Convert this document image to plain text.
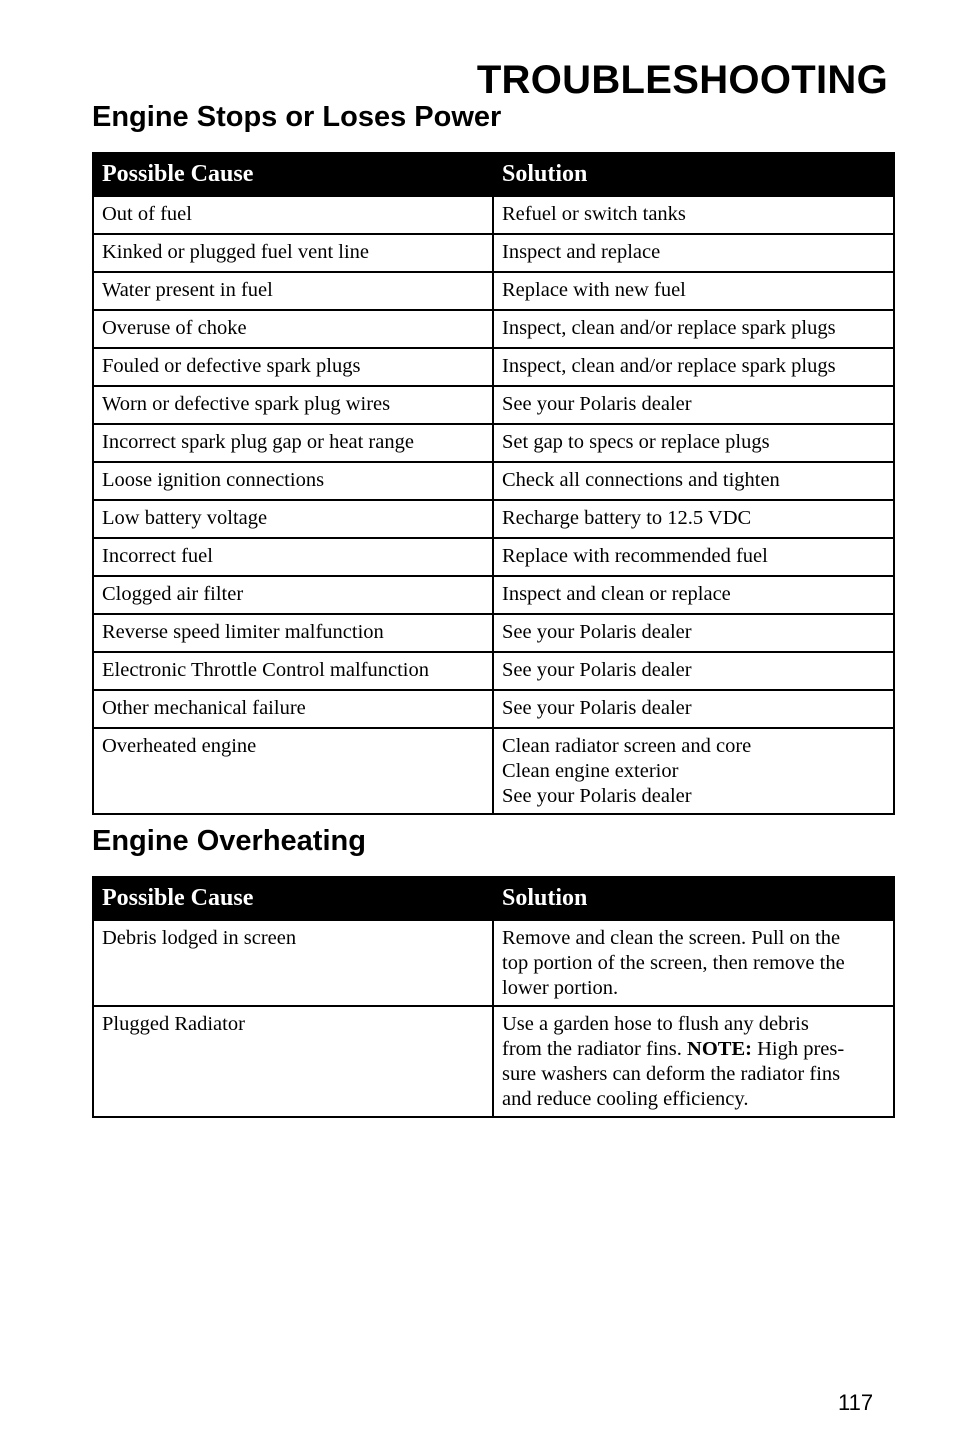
TROUBLESHOOTING
Engine Stops or Loses Power
Possible Cause	Solution
Out of fuel	Refuel or switch tanks
Kinked or plugged fuel vent line	Inspect and replace
Water present in fuel	Replace with new fuel
Overuse of choke	Inspect, clean and/or replace spark plugs
Fouled or defective spark plugs	Inspect, clean and/or replace spark plugs
Worn or defective spark plug wires	See your Polaris dealer
Incorrect spark plug gap or heat range	Set gap to specs or replace plugs
Loose ignition connections	Check all connections and tighten
Low battery voltage	Recharge battery to 12.5 VDC
Incorrect fuel	Replace with recommended fuel
Clogged air filter	Inspect and clean or replace
Reverse speed limiter malfunction	See your Polaris dealer
Electronic Throttle Control malfunction	See your Polaris dealer
Other mechanical failure	See your Polaris dealer
Overheated engine	Clean radiator screen and core
Clean engine exterior
See your Polaris dealer
Engine Overheating
Possible Cause	Solution
Debris lodged in screen	Remove and clean the screen. Pull on the
top portion of the screen, then remove the
lower portion.

Plugged Radiator	Use a garden hose to flush any debris
from the radiator fins. NOTE: High pres-
sure washers can deform the radiator fins
and reduce cooling efficiency.
117
